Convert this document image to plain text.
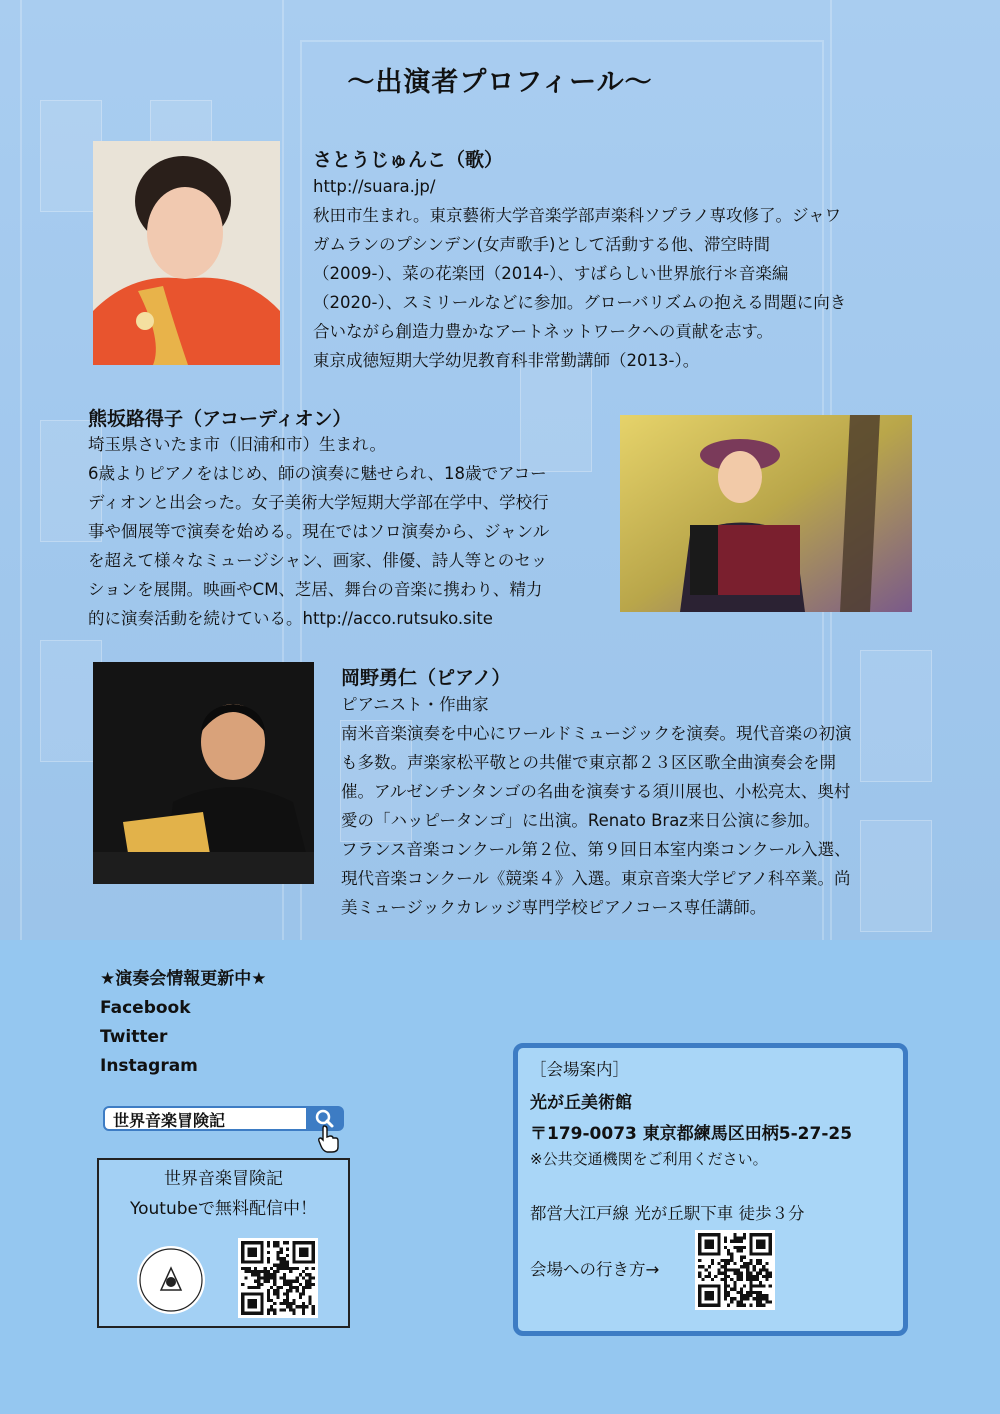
〜出演者プロフィール〜
さとうじゅんこ（歌）
http://suara.jp/
秋田市生まれ。東京藝術大学音楽学部声楽科ソプラノ専攻修了。ジャワ
ガムランのプシンデン(女声歌手)として活動する他、滞空時間
（2009-）、菜の花楽団（2014-）、すばらしい世界旅行＊音楽編
（2020-）、スミリールなどに参加。グローバリズムの抱える問題に向き
合いながら創造力豊かなアートネットワークへの貢献を志す。
東京成徳短期大学幼児教育科非常勤講師（2013-）。
熊坂路得子（アコーディオン）
埼玉県さいたま市（旧浦和市）生まれ。
6歳よりピアノをはじめ、師の演奏に魅せられ、18歳でアコー
ディオンと出会った。女子美術大学短期大学部在学中、学校行
事や個展等で演奏を始める。現在ではソロ演奏から、ジャンル
を超えて様々なミュージシャン、画家、俳優、詩人等とのセッ
ションを展開。映画やCM、芝居、舞台の音楽に携わり、精力
的に演奏活動を続けている。http://acco.rutsuko.site
岡野勇仁（ピアノ）
ピアニスト・作曲家
南米音楽演奏を中心にワールドミュージックを演奏。現代音楽の初演
も多数。声楽家松平敬との共催で東京都２３区区歌全曲演奏会を開
催。アルゼンチンタンゴの名曲を演奏する須川展也、小松亮太、奥村
愛の「ハッピータンゴ」に出演。Renato Braz来日公演に参加。
フランス音楽コンクール第２位、第９回日本室内楽コンクール入選、
現代音楽コンクール《競楽４》入選。東京音楽大学ピアノ科卒業。尚
美ミュージックカレッジ専門学校ピアノコース専任講師。
★演奏会情報更新中★
Facebook
Twitter
Instagram
世界音楽冒険記
世界音楽冒険記
Youtubeで無料配信中！
［会場案内］
光が丘美術館
〒179-0073 東京都練馬区田柄5-27-25
※公共交通機関をご利用ください。
都営大江戸線 光が丘駅下車 徒歩３分
会場への行き方→
